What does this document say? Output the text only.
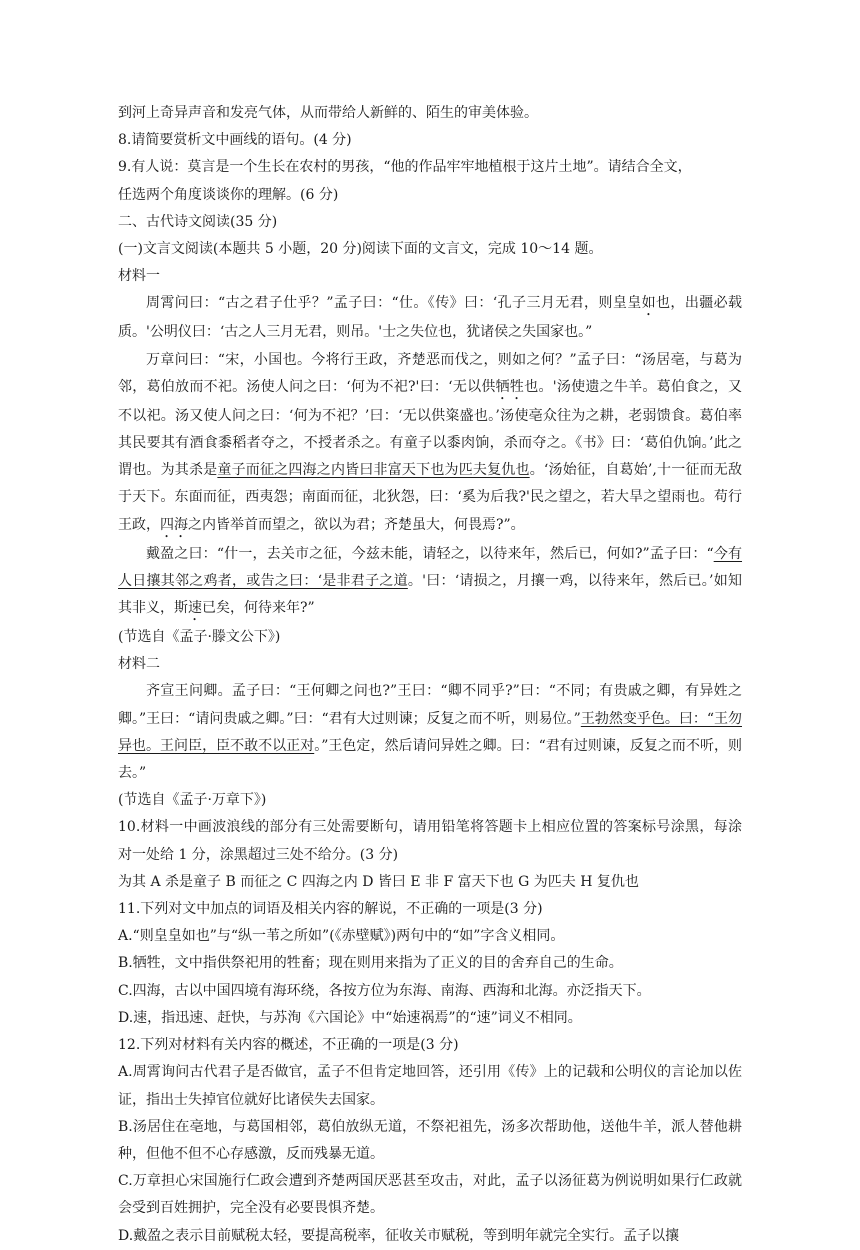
到河上奇异声音和发亮气体，从而带给人新鲜的、陌生的审美体验。

8.请简要赏析文中画线的语句。(4 分)

9.有人说：莫言是一个生长在农村的男孩，“他的作品牢牢地植根于这片土地”。请结合全文，

任选两个角度谈谈你的理解。(6 分)

二、古代诗文阅读(35 分)

(一)文言文阅读(本题共 5 小题，20 分)阅读下面的文言文，完成 10～14 题。

材料一

周霄问曰：“古之君子仕乎？”孟子曰：“仕。《传》曰：‘孔子三月无君，则皇皇如也，出疆必载质。'公明仪曰：‘古之人三月无君，则吊。'士之失位也，犹诸侯之失国家也。”

万章问曰：“宋，小国也。今将行王政，齐楚恶而伐之，则如之何？”孟子曰：“汤居亳，与葛为邻，葛伯放而不祀。汤使人问之曰：‘何为不祀?'曰：‘无以供牺牲也。'汤使遗之牛羊。葛伯食之，又不以祀。汤又使人问之曰：‘何为不祀？’曰：‘无以供粢盛也。’汤使亳众往为之耕，老弱馈食。葛伯率其民要其有酒食黍稻者夺之，不授者杀之。有童子以黍肉饷，杀而夺之。《书》曰：‘葛伯仇饷。’此之谓也。为其杀是童子而征之四海之内皆曰非富天下也为匹夫复仇也。‘汤始征，自葛始’,十一征而无敌于天下。东面而征，西夷怨；南面而征，北狄怨，曰：‘奚为后我?'民之望之，若大旱之望雨也。苟行王政，四海之内皆举首而望之，欲以为君；齐楚虽大，何畏焉?”。

戴盈之曰：“什一，去关市之征，今兹未能，请轻之，以待来年，然后已，何如?”孟子曰：“今有人日攘其邻之鸡者，或告之曰：‘是非君子之道。'曰：‘请损之，月攘一鸡，以待来年，然后已。’如知其非义，斯速已矣，何待来年?”

(节选自《孟子·滕文公下》)

材料二

齐宣王问卿。孟子曰：“王何卿之问也?”王曰：“卿不同乎?”曰：“不同；有贵戚之卿，有异姓之卿。”王曰：“请问贵戚之卿。”曰：“君有大过则谏；反复之而不听，则易位。”王勃然变乎色。曰：“王勿异也。王问臣，臣不敢不以正对。”王色定，然后请问异姓之卿。曰：“君有过则谏，反复之而不听，则去。”

(节选自《孟子·万章下》)

10.材料一中画波浪线的部分有三处需要断句，请用铅笔将答题卡上相应位置的答案标号涂黑，每涂对一处给 1 分，涂黑超过三处不给分。(3 分)

为其 A 杀是童子 B 而征之 C 四海之内 D 皆曰 E 非 F 富天下也 G 为匹夫 H 复仇也

11.下列对文中加点的词语及相关内容的解说，不正确的一项是(3 分)

A.“则皇皇如也”与“纵一苇之所如”(《赤壁赋》)两句中的“如”字含义相同。

B.牺牲，文中指供祭祀用的牲畜；现在则用来指为了正义的目的舍弃自己的生命。

C.四海，古以中国四境有海环绕，各按方位为东海、南海、西海和北海。亦泛指天下。

D.速，指迅速、赶快，与苏洵《六国论》中“始速祸焉”的“速”词义不相同。

12.下列对材料有关内容的概述，不正确的一项是(3 分)

A.周霄询问古代君子是否做官，孟子不但肯定地回答，还引用《传》上的记载和公明仪的言论加以佐证，指出士失掉官位就好比诸侯失去国家。

B.汤居住在亳地，与葛国相邻，葛伯放纵无道，不祭祀祖先，汤多次帮助他，送他牛羊，派人替他耕种，但他不但不心存感激，反而残暴无道。

C.万章担心宋国施行仁政会遭到齐楚两国厌恶甚至攻击，对此，孟子以汤征葛为例说明如果行仁政就会受到百姓拥护，完全没有必要畏惧齐楚。

D.戴盈之表示目前赋税太轻，要提高税率，征收关市赋税，等到明年就完全实行。孟子以攘
